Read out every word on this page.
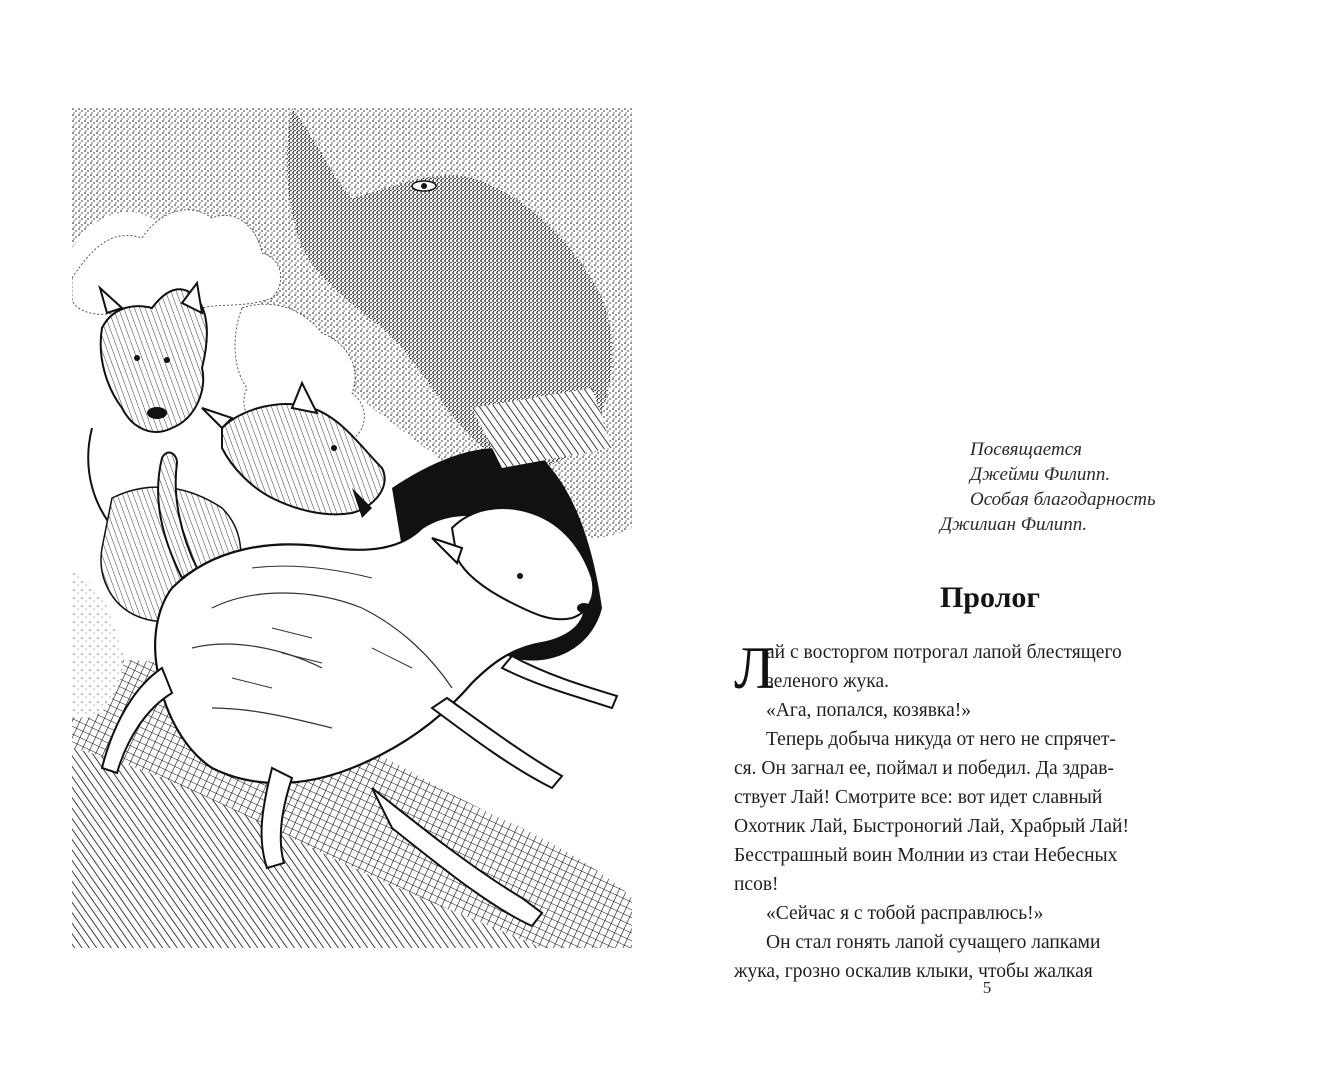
Посвящается
Джейми Филипп.
Особая благодарность
Джилиан Филипп.
Пролог
Л
ай с восторгом потрогал лапой блестящего
зеленого жука.
«Ага, попался, козявка!»
Теперь добыча никуда от него не спрячет-
ся. Он загнал ее, поймал и победил. Да здрав-
ствует Лай! Смотрите все: вот идет славный
Охотник Лай, Быстроногий Лай, Храбрый Лай!
Бесстрашный воин Молнии из стаи Небесных
псов!
«Сейчас я с тобой расправлюсь!»
Он стал гонять лапой сучащего лапками
жука, грозно оскалив клыки, чтобы жалкая
5
